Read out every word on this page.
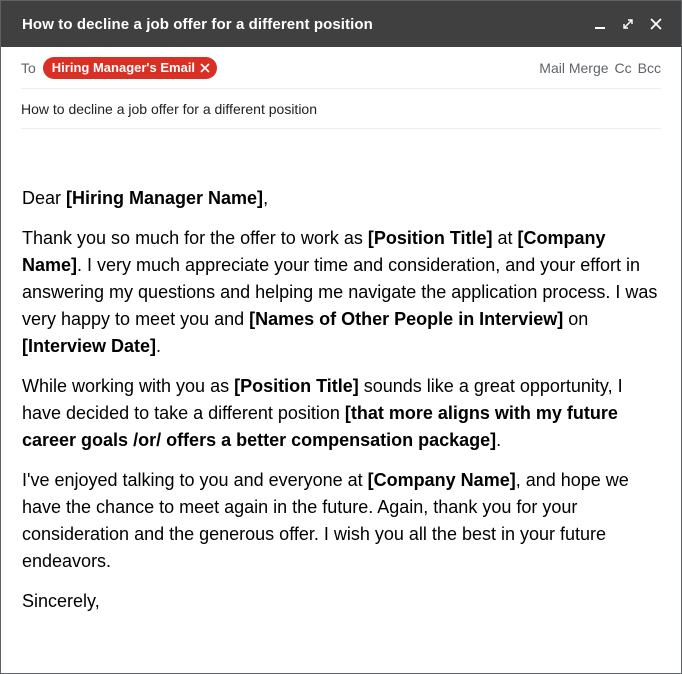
How to decline a job offer for a different position
To Hiring Manager's Email	Mail Merge Cc Bcc
How to decline a job offer for a different position

Dear [Hiring Manager Name],

Thank you so much for the offer to work as [Position Title] at [Company Name]. I very much appreciate your time and consideration, and your effort in answering my questions and helping me navigate the application process. I was very happy to meet you and [Names of Other People in Interview] on [Interview Date].

While working with you as [Position Title] sounds like a great opportunity, I have decided to take a different position [that more aligns with my future career goals /or/ offers a better compensation package].

I've enjoyed talking to you and everyone at [Company Name], and hope we have the chance to meet again in the future. Again, thank you for your consideration and the generous offer. I wish you all the best in your future endeavors.

Sincerely,
